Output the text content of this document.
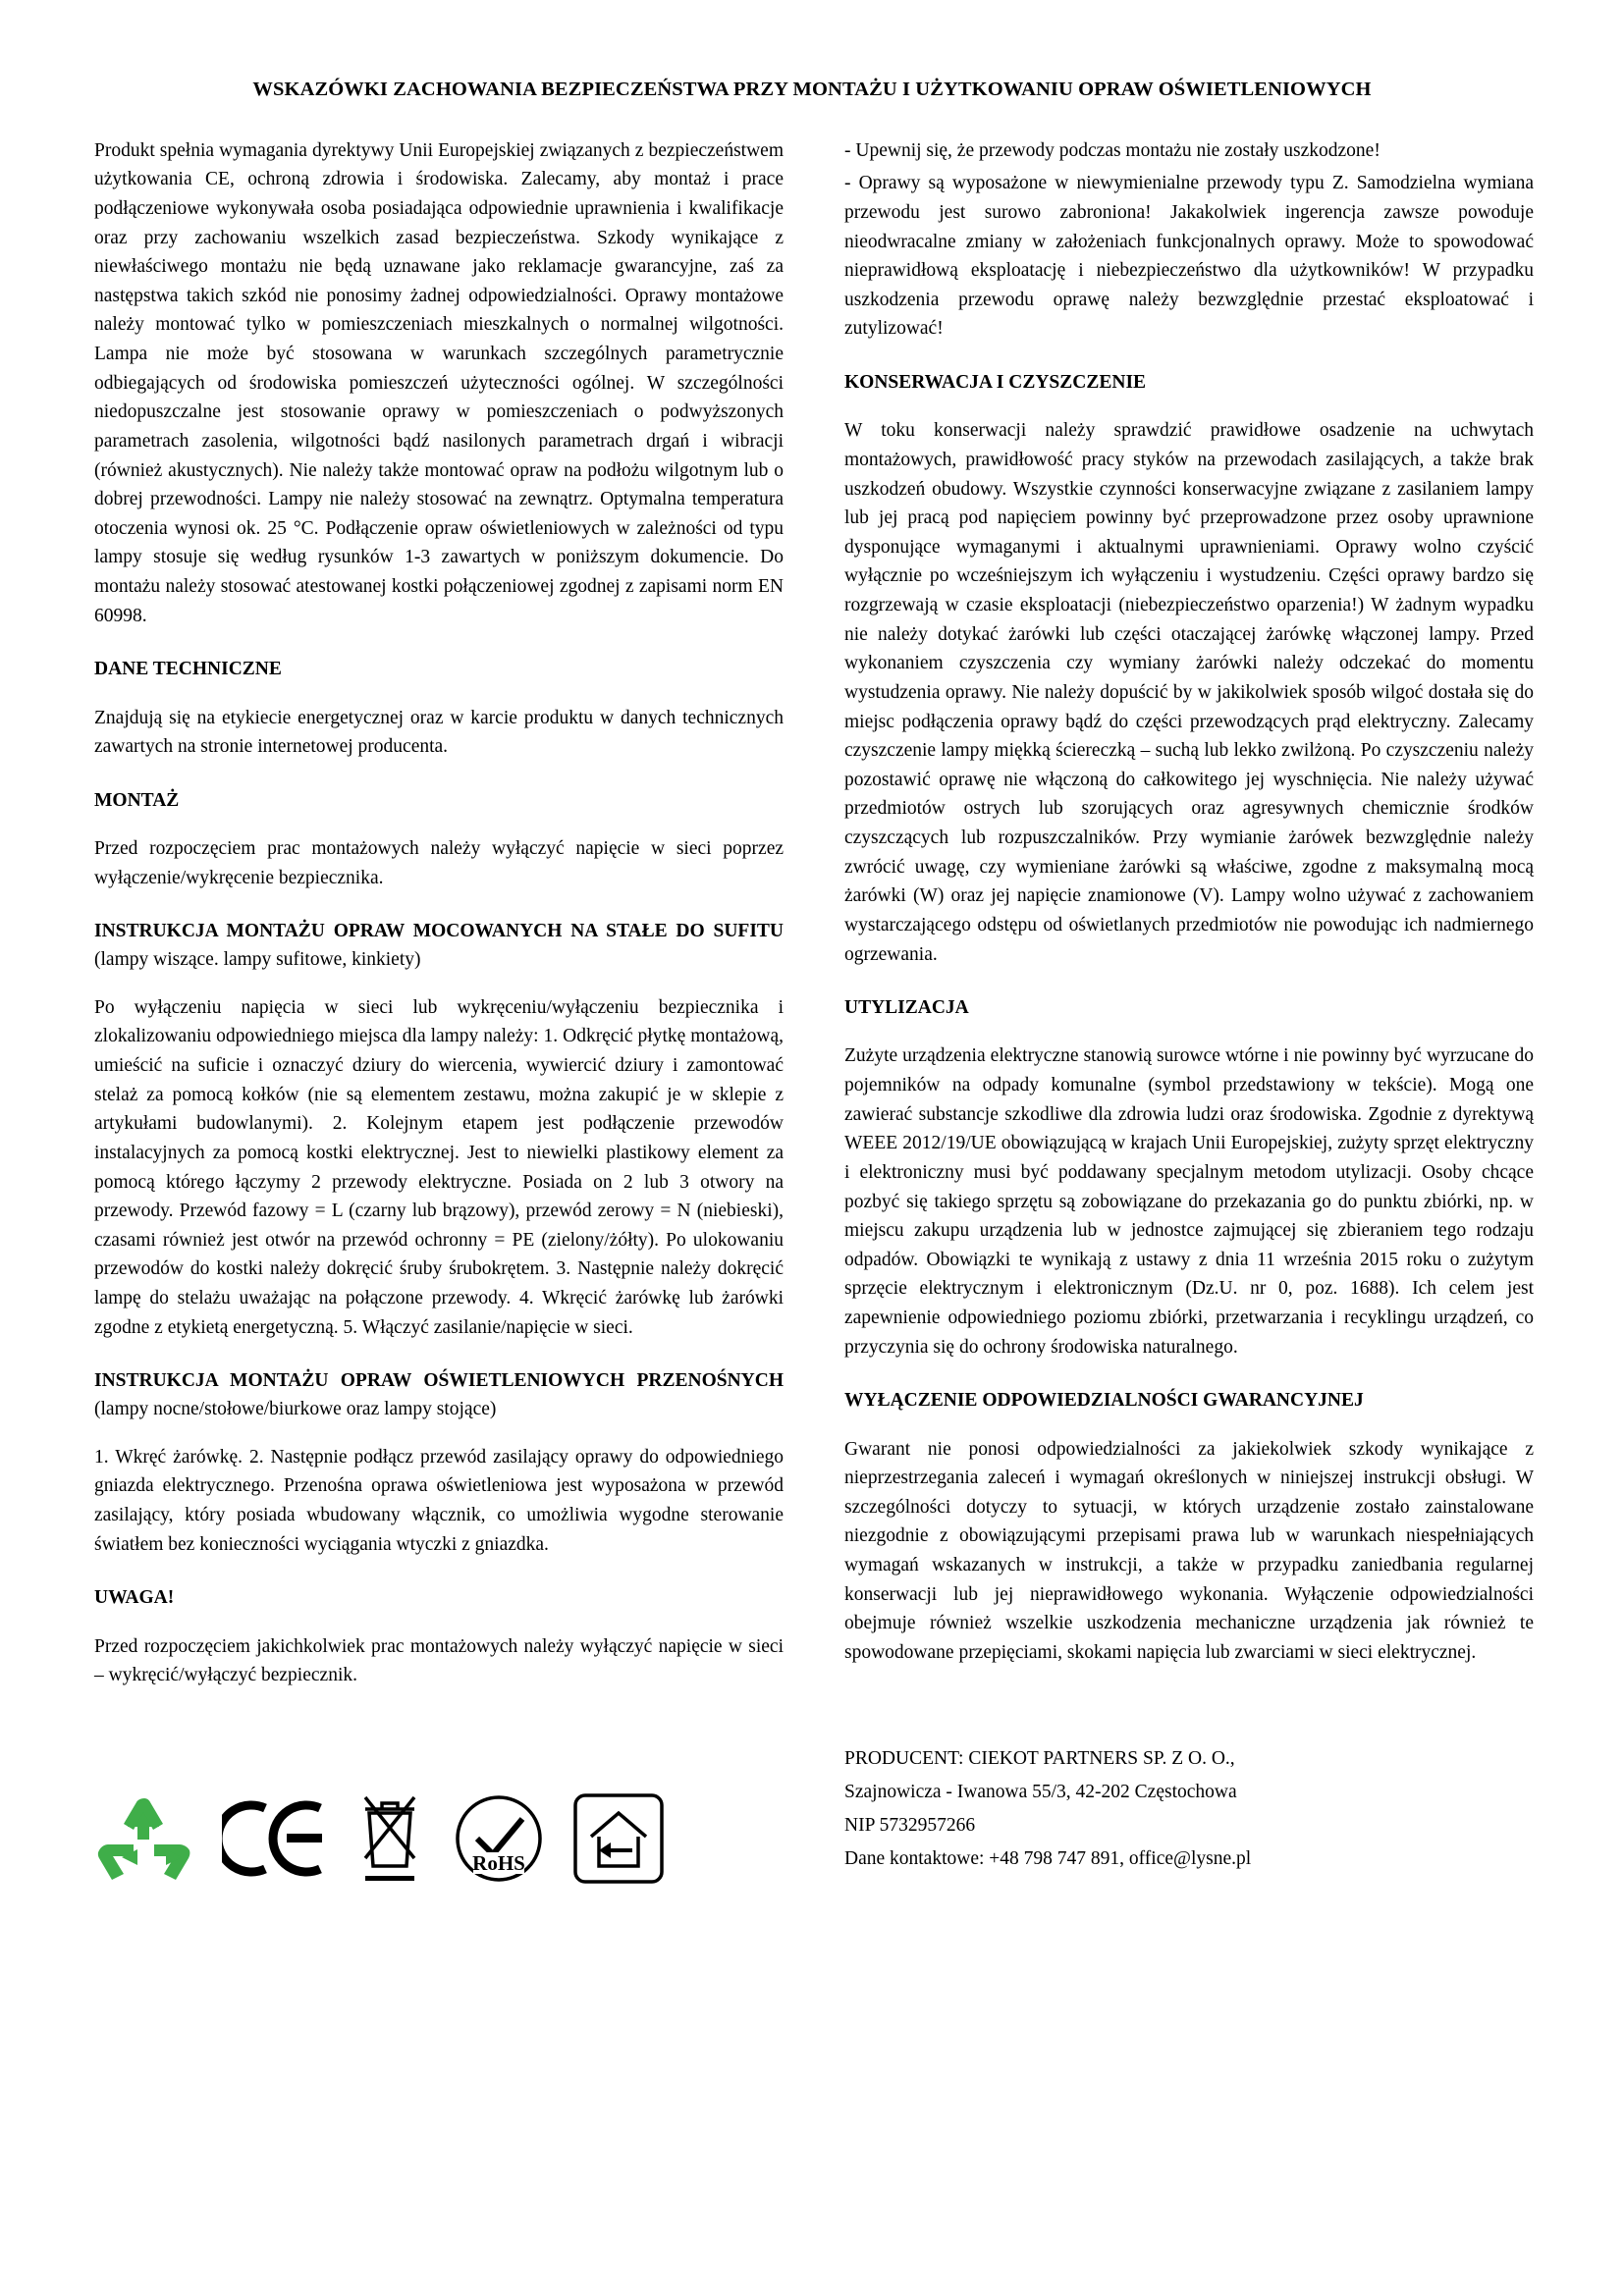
WSKAZÓWKI ZACHOWANIA BEZPIECZEŃSTWA PRZY MONTAŻU I UŻYTKOWANIU OPRAW OŚWIETLENIOWYCH

Produkt spełnia wymagania dyrektywy Unii Europejskiej związanych z bezpieczeństwem użytkowania CE, ochroną zdrowia i środowiska. Zalecamy, aby montaż i prace podłączeniowe wykonywała osoba posiadająca odpowiednie uprawnienia i kwalifikacje oraz przy zachowaniu wszelkich zasad bezpieczeństwa. Szkody wynikające z niewłaściwego montażu nie będą uznawane jako reklamacje gwarancyjne, zaś za następstwa takich szkód nie ponosimy żadnej odpowiedzialności. Oprawy montażowe należy montować tylko w pomieszczeniach mieszkalnych o normalnej wilgotności. Lampa nie może być stosowana w warunkach szczególnych parametrycznie odbiegających od środowiska pomieszczeń użyteczności ogólnej. W szczególności niedopuszczalne jest stosowanie oprawy w pomieszczeniach o podwyższonych parametrach zasolenia, wilgotności bądź nasilonych parametrach drgań i wibracji (również akustycznych). Nie należy także montować opraw na podłożu wilgotnym lub o dobrej przewodności. Lampy nie należy stosować na zewnątrz. Optymalna temperatura otoczenia wynosi ok. 25 °C. Podłączenie opraw oświetleniowych w zależności od typu lampy stosuje się według rysunków 1-3 zawartych w poniższym dokumencie. Do montażu należy stosować atestowanej kostki połączeniowej zgodnej z zapisami norm EN 60998.

DANE TECHNICZNE

Znajdują się na etykiecie energetycznej oraz w karcie produktu w danych technicznych zawartych na stronie internetowej producenta.

MONTAŻ

Przed rozpoczęciem prac montażowych należy wyłączyć napięcie w sieci poprzez wyłączenie/wykręcenie bezpiecznika.

INSTRUKCJA MONTAŻU OPRAW MOCOWANYCH NA STAŁE DO SUFITU (lampy wiszące. lampy sufitowe, kinkiety)

Po wyłączeniu napięcia w sieci lub wykręceniu/wyłączeniu bezpiecznika i zlokalizowaniu odpowiedniego miejsca dla lampy należy: 1. Odkręcić płytkę montażową, umieścić na suficie i oznaczyć dziury do wiercenia, wywiercić dziury i zamontować stelaż za pomocą kołków (nie są elementem zestawu, można zakupić je w sklepie z artykułami budowlanymi). 2. Kolejnym etapem jest podłączenie przewodów instalacyjnych za pomocą kostki elektrycznej. Jest to niewielki plastikowy element za pomocą którego łączymy 2 przewody elektryczne. Posiada on 2 lub 3 otwory na przewody. Przewód fazowy = L (czarny lub brązowy), przewód zerowy = N (niebieski), czasami również jest otwór na przewód ochronny = PE (zielony/żółty). Po ulokowaniu przewodów do kostki należy dokręcić śruby śrubokrętem. 3. Następnie należy dokręcić lampę do stelażu uważając na połączone przewody. 4. Wkręcić żarówkę lub żarówki zgodne z etykietą energetyczną. 5. Włączyć zasilanie/napięcie w sieci.

INSTRUKCJA MONTAŻU OPRAW OŚWIETLENIOWYCH PRZENOŚNYCH (lampy nocne/stołowe/biurkowe oraz lampy stojące)

1. Wkręć żarówkę. 2. Następnie podłącz przewód zasilający oprawy do odpowiedniego gniazda elektrycznego. Przenośna oprawa oświetleniowa jest wyposażona w przewód zasilający, który posiada wbudowany włącznik, co umożliwia wygodne sterowanie światłem bez konieczności wyciągania wtyczki z gniazdka.

UWAGA!

Przed rozpoczęciem jakichkolwiek prac montażowych należy wyłączyć napięcie w sieci – wykręcić/wyłączyć bezpiecznik.

RoHS

- Upewnij się, że przewody podczas montażu nie zostały uszkodzone!

- Oprawy są wyposażone w niewymienialne przewody typu Z. Samodzielna wymiana przewodu jest surowo zabroniona! Jakakolwiek ingerencja zawsze powoduje nieodwracalne zmiany w założeniach funkcjonalnych oprawy. Może to spowodować nieprawidłową eksploatację i niebezpieczeństwo dla użytkowników! W przypadku uszkodzenia przewodu oprawę należy bezwzględnie przestać eksploatować i zutylizować!

KONSERWACJA I CZYSZCZENIE

W toku konserwacji należy sprawdzić prawidłowe osadzenie na uchwytach montażowych, prawidłowość pracy styków na przewodach zasilających, a także brak uszkodzeń obudowy. Wszystkie czynności konserwacyjne związane z zasilaniem lampy lub jej pracą pod napięciem powinny być przeprowadzone przez osoby uprawnione dysponujące wymaganymi i aktualnymi uprawnieniami. Oprawy wolno czyścić wyłącznie po wcześniejszym ich wyłączeniu i wystudzeniu. Części oprawy bardzo się rozgrzewają w czasie eksploatacji (niebezpieczeństwo oparzenia!) W żadnym wypadku nie należy dotykać żarówki lub części otaczającej żarówkę włączonej lampy. Przed wykonaniem czyszczenia czy wymiany żarówki należy odczekać do momentu wystudzenia oprawy. Nie należy dopuścić by w jakikolwiek sposób wilgoć dostała się do miejsc podłączenia oprawy bądź do części przewodzących prąd elektryczny. Zalecamy czyszczenie lampy miękką ściereczką – suchą lub lekko zwilżoną. Po czyszczeniu należy pozostawić oprawę nie włączoną do całkowitego jej wyschnięcia. Nie należy używać przedmiotów ostrych lub szorujących oraz agresywnych chemicznie środków czyszczących lub rozpuszczalników. Przy wymianie żarówek bezwzględnie należy zwrócić uwagę, czy wymieniane żarówki są właściwe, zgodne z maksymalną mocą żarówki (W) oraz jej napięcie znamionowe (V). Lampy wolno używać z zachowaniem wystarczającego odstępu od oświetlanych przedmiotów nie powodując ich nadmiernego ogrzewania.

UTYLIZACJA

Zużyte urządzenia elektryczne stanowią surowce wtórne i nie powinny być wyrzucane do pojemników na odpady komunalne (symbol przedstawiony w tekście). Mogą one zawierać substancje szkodliwe dla zdrowia ludzi oraz środowiska. Zgodnie z dyrektywą WEEE 2012/19/UE obowiązującą w krajach Unii Europejskiej, zużyty sprzęt elektryczny i elektroniczny musi być poddawany specjalnym metodom utylizacji. Osoby chcące pozbyć się takiego sprzętu są zobowiązane do przekazania go do punktu zbiórki, np. w miejscu zakupu urządzenia lub w jednostce zajmującej się zbieraniem tego rodzaju odpadów. Obowiązki te wynikają z ustawy z dnia 11 września 2015 roku o zużytym sprzęcie elektrycznym i elektronicznym (Dz.U. nr 0, poz. 1688). Ich celem jest zapewnienie odpowiedniego poziomu zbiórki, przetwarzania i recyklingu urządzeń, co przyczynia się do ochrony środowiska naturalnego.

WYŁĄCZENIE ODPOWIEDZIALNOŚCI GWARANCYJNEJ

Gwarant nie ponosi odpowiedzialności za jakiekolwiek szkody wynikające z nieprzestrzegania zaleceń i wymagań określonych w niniejszej instrukcji obsługi. W szczególności dotyczy to sytuacji, w których urządzenie zostało zainstalowane niezgodnie z obowiązującymi przepisami prawa lub w warunkach niespełniających wymagań wskazanych w instrukcji, a także w przypadku zaniedbania regularnej konserwacji lub jej nieprawidłowego wykonania. Wyłączenie odpowiedzialności obejmuje również wszelkie uszkodzenia mechaniczne urządzenia jak również te spowodowane przepięciami, skokami napięcia lub zwarciami w sieci elektrycznej.

PRODUCENT: CIEKOT PARTNERS SP. Z O. O.,
Szajnowicza - Iwanowa 55/3, 42-202 Częstochowa
NIP 5732957266
Dane kontaktowe: +48 798 747 891, office@lysne.pl
